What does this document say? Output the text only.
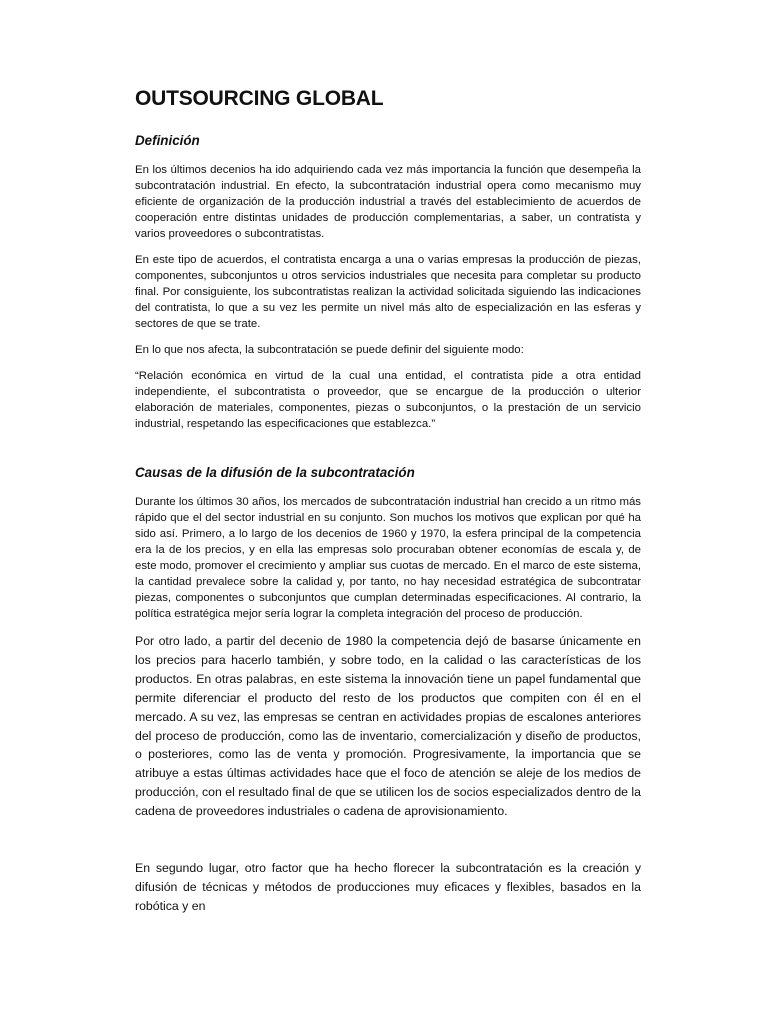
OUTSOURCING GLOBAL
Definición

En los últimos decenios ha ido adquiriendo cada vez más importancia la función que desempeña la subcontratación industrial. En efecto, la subcontratación industrial opera como mecanismo muy eficiente de organización de la producción industrial a través del establecimiento de acuerdos de cooperación entre distintas unidades de producción complementarias, a saber, un contratista y varios proveedores o subcontratistas.

En este tipo de acuerdos, el contratista encarga a una o varias empresas la producción de piezas, componentes, subconjuntos u otros servicios industriales que necesita para completar su producto final. Por consiguiente, los subcontratistas realizan la actividad solicitada siguiendo las indicaciones del contratista, lo que a su vez les permite un nivel más alto de especialización en las esferas y sectores de que se trate.

En lo que nos afecta, la subcontratación se puede definir del siguiente modo:

“Relación económica en virtud de la cual una entidad, el contratista pide a otra entidad independiente, el subcontratista o proveedor, que se encargue de la producción o ulterior elaboración de materiales, componentes, piezas o subconjuntos, o la prestación de un servicio industrial, respetando las especificaciones que establezca.”

Causas de la difusión de la subcontratación

Durante los últimos 30 años, los mercados de subcontratación industrial han crecido a un ritmo más rápido que el del sector industrial en su conjunto. Son muchos los motivos que explican por qué ha sido así. Primero, a lo largo de los decenios de 1960 y 1970, la esfera principal de la competencia era la de los precios, y en ella las empresas solo procuraban obtener economías de escala y, de este modo, promover el crecimiento y ampliar sus cuotas de mercado. En el marco de este sistema, la cantidad prevalece sobre la calidad y, por tanto, no hay necesidad estratégica de subcontratar piezas, componentes o subconjuntos que cumplan determinadas especificaciones. Al contrario, la política estratégica mejor sería lograr la completa integración del proceso de producción.

Por otro lado, a partir del decenio de 1980 la competencia dejó de basarse únicamente en los precios para hacerlo también, y sobre todo, en la calidad o las características de los productos. En otras palabras, en este sistema la innovación tiene un papel fundamental que permite diferenciar el producto del resto de los productos que compiten con él en el mercado. A su vez, las empresas se centran en actividades propias de escalones anteriores del proceso de producción, como las de inventario, comercialización y diseño de productos, o posteriores, como las de venta y promoción. Progresivamente, la importancia que se atribuye a estas últimas actividades hace que el foco de atención se aleje de los medios de producción, con el resultado final de que se utilicen los de socios especializados dentro de la cadena de proveedores industriales o cadena de aprovisionamiento.

En segundo lugar, otro factor que ha hecho florecer la subcontratación es la creación y difusión de técnicas y métodos de producciones muy eficaces y flexibles, basados en la robótica y en
